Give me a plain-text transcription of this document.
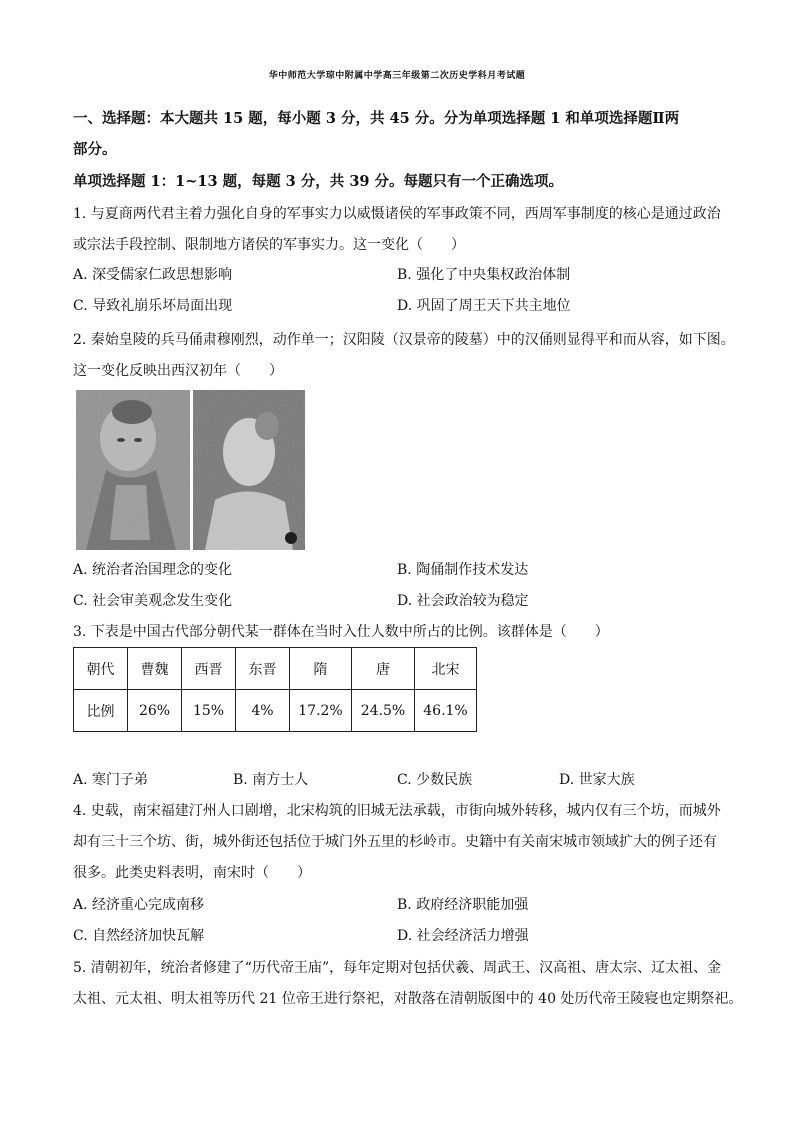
华中师范大学琼中附属中学高三年级第二次历史学科月考试题
一、选择题：本大题共 15 题，每小题 3 分，共 45 分。分为单项选择题 1 和单项选择题Ⅱ两
部分。
单项选择题 1：1~13 题，每题 3 分，共 39 分。每题只有一个正确选项。
1. 与夏商两代君主着力强化自身的军事实力以威慑诸侯的军事政策不同，西周军事制度的核心是通过政治
或宗法手段控制、限制地方诸侯的军事实力。这一变化（　　）
A. 深受儒家仁政思想影响	B. 强化了中央集权政治体制
C. 导致礼崩乐坏局面出现	D. 巩固了周王天下共主地位
2. 秦始皇陵的兵马俑肃穆刚烈，动作单一；汉阳陵（汉景帝的陵墓）中的汉俑则显得平和而从容，如下图。
这一变化反映出西汉初年（　　）
A. 统治者治国理念的变化	B. 陶俑制作技术发达
C. 社会审美观念发生变化	D. 社会政治较为稳定
3. 下表是中国古代部分朝代某一群体在当时入仕人数中所占的比例。该群体是（　　）
朝代	曹魏	西晋	东晋	隋	唐	北宋
比例	26%	15%	4%	17.2%	24.5%	46.1%
A. 寒门子弟	B. 南方士人	C. 少数民族	D. 世家大族
4. 史载，南宋福建汀州人口剧增，北宋构筑的旧城无法承载，市街向城外转移，城内仅有三个坊，而城外
却有三十三个坊、街，城外街还包括位于城门外五里的杉岭市。史籍中有关南宋城市领域扩大的例子还有
很多。此类史料表明，南宋时（　　）
A. 经济重心完成南移	B. 政府经济职能加强
C. 自然经济加快瓦解	D. 社会经济活力增强
5. 清朝初年，统治者修建了“历代帝王庙”，每年定期对包括伏羲、周武王、汉高祖、唐太宗、辽太祖、金
太祖、元太祖、明太祖等历代 21 位帝王进行祭祀，对散落在清朝版图中的 40 处历代帝王陵寝也定期祭祀。
